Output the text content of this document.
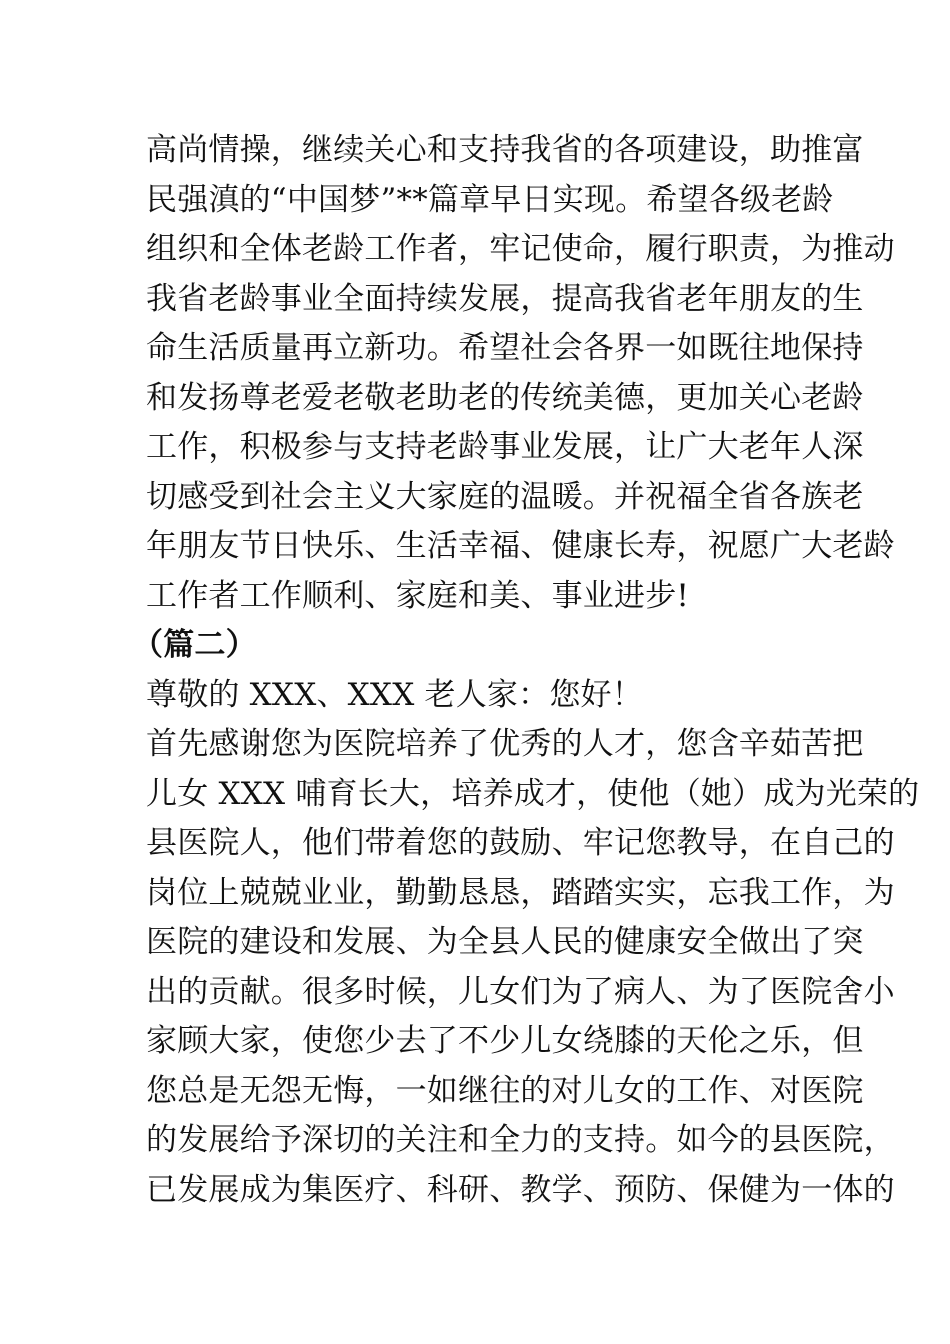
高尚情操，继续关心和支持我省的各项建设，助推富
民强滇的“中国梦”**篇章早日实现。希望各级老龄
组织和全体老龄工作者，牢记使命，履行职责，为推动
我省老龄事业全面持续发展，提高我省老年朋友的生
命生活质量再立新功。希望社会各界一如既往地保持
和发扬尊老爱老敬老助老的传统美德，更加关心老龄
工作，积极参与支持老龄事业发展，让广大老年人深
切感受到社会主义大家庭的温暖。并祝福全省各族老
年朋友节日快乐、生活幸福、健康长寿，祝愿广大老龄
工作者工作顺利、家庭和美、事业进步!
（篇二）
尊敬的 XXX、XXX 老人家：您好！
首先感谢您为医院培养了优秀的人才，您含辛茹苦把
儿女 XXX 哺育长大，培养成才，使他（她）成为光荣的
县医院人，他们带着您的鼓励、牢记您教导，在自己的
岗位上兢兢业业，勤勤恳恳，踏踏实实，忘我工作，为
医院的建设和发展、为全县人民的健康安全做出了突
出的贡献。很多时候，儿女们为了病人、为了医院舍小
家顾大家，使您少去了不少儿女绕膝的天伦之乐，但
您总是无怨无悔，一如继往的对儿女的工作、对医院
的发展给予深切的关注和全力的支持。如今的县医院，
已发展成为集医疗、科研、教学、预防、保健为一体的
